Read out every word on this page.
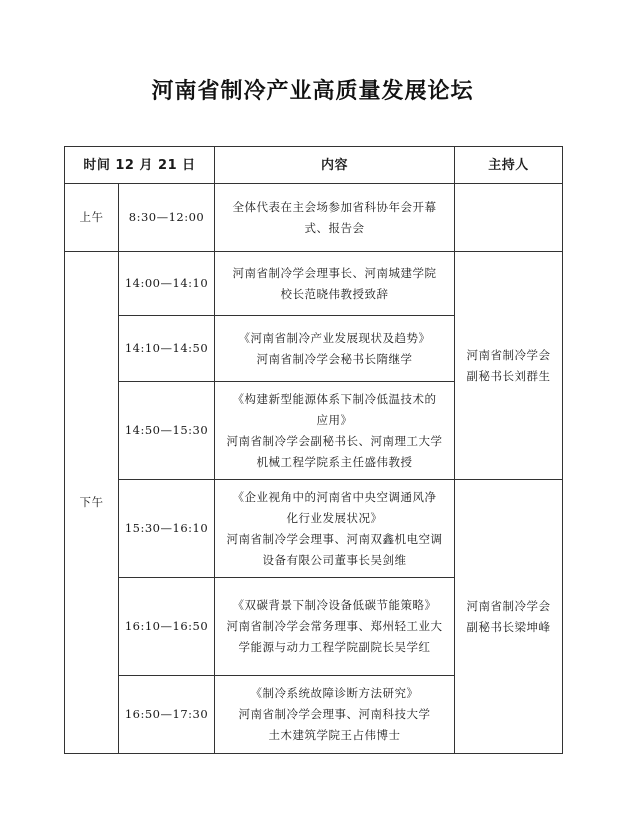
河南省制冷产业高质量发展论坛
时间 12 月 21 日		内容	主持人
上午	8:30—12:00	全体代表在主会场参加省科协年会开幕
式、报告会	

下午	14:00—14:10	河南省制冷学会理事长、河南城建学院
校长范晓伟教授致辞	河南省制冷学会
副秘书长刘群生

	14:10—14:50	《河南省制冷产业发展现状及趋势》
河南省制冷学会秘书长隋继学	

	14:50—15:30	《构建新型能源体系下制冷低温技术的
应用》
河南省制冷学会副秘书长、河南理工大学
机械工程学院系主任盛伟教授	

	15:30—16:10	《企业视角中的河南省中央空调通风净
化行业发展状况》
河南省制冷学会理事、河南双鑫机电空调
设备有限公司董事长吴剑维	河南省制冷学会
副秘书长梁坤峰

	16:10—16:50	《双碳背景下制冷设备低碳节能策略》
河南省制冷学会常务理事、郑州轻工业大
学能源与动力工程学院副院长吴学红	

	16:50—17:30	《制冷系统故障诊断方法研究》
河南省制冷学会理事、河南科技大学
土木建筑学院王占伟博士	
